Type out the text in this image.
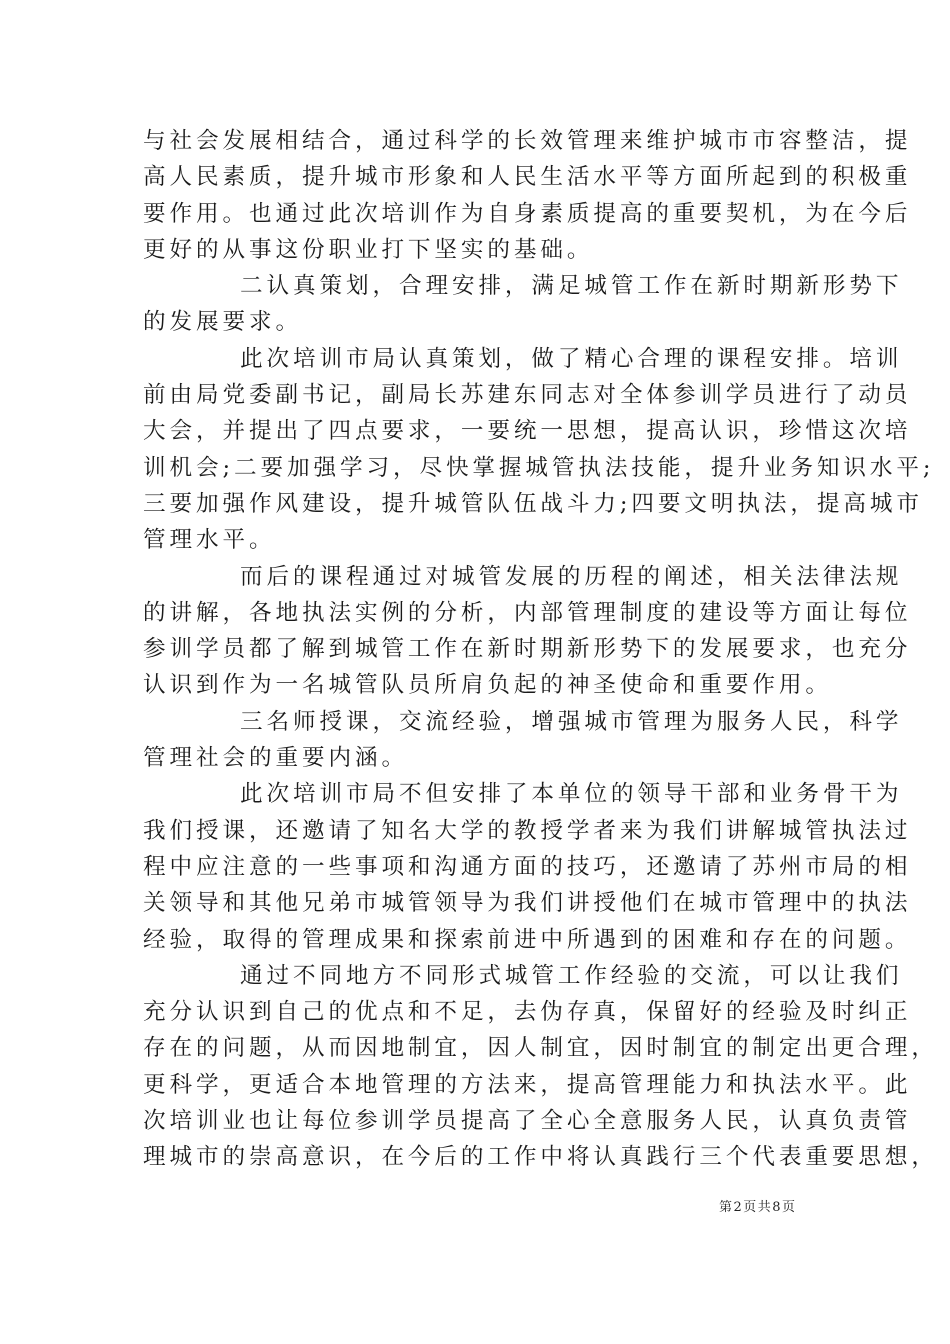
与社会发展相结合，通过科学的长效管理来维护城市市容整洁，提
高人民素质，提升城市形象和人民生活水平等方面所起到的积极重
要作用。也通过此次培训作为自身素质提高的重要契机，为在今后
更好的从事这份职业打下坚实的基础。
二认真策划，合理安排，满足城管工作在新时期新形势下
的发展要求。
此次培训市局认真策划，做了精心合理的课程安排。培训
前由局党委副书记，副局长苏建东同志对全体参训学员进行了动员
大会，并提出了四点要求，一要统一思想，提高认识，珍惜这次培
训机会;二要加强学习，尽快掌握城管执法技能，提升业务知识水平;
三要加强作风建设，提升城管队伍战斗力;四要文明执法，提高城市
管理水平。
而后的课程通过对城管发展的历程的阐述，相关法律法规
的讲解，各地执法实例的分析，内部管理制度的建设等方面让每位
参训学员都了解到城管工作在新时期新形势下的发展要求，也充分
认识到作为一名城管队员所肩负起的神圣使命和重要作用。
三名师授课，交流经验，增强城市管理为服务人民，科学
管理社会的重要内涵。
此次培训市局不但安排了本单位的领导干部和业务骨干为
我们授课，还邀请了知名大学的教授学者来为我们讲解城管执法过
程中应注意的一些事项和沟通方面的技巧，还邀请了苏州市局的相
关领导和其他兄弟市城管领导为我们讲授他们在城市管理中的执法
经验，取得的管理成果和探索前进中所遇到的困难和存在的问题。
通过不同地方不同形式城管工作经验的交流，可以让我们
充分认识到自己的优点和不足，去伪存真，保留好的经验及时纠正
存在的问题，从而因地制宜，因人制宜，因时制宜的制定出更合理，
更科学，更适合本地管理的方法来，提高管理能力和执法水平。此
次培训业也让每位参训学员提高了全心全意服务人民，认真负责管
理城市的崇高意识，在今后的工作中将认真践行三个代表重要思想，
第2页共8页
